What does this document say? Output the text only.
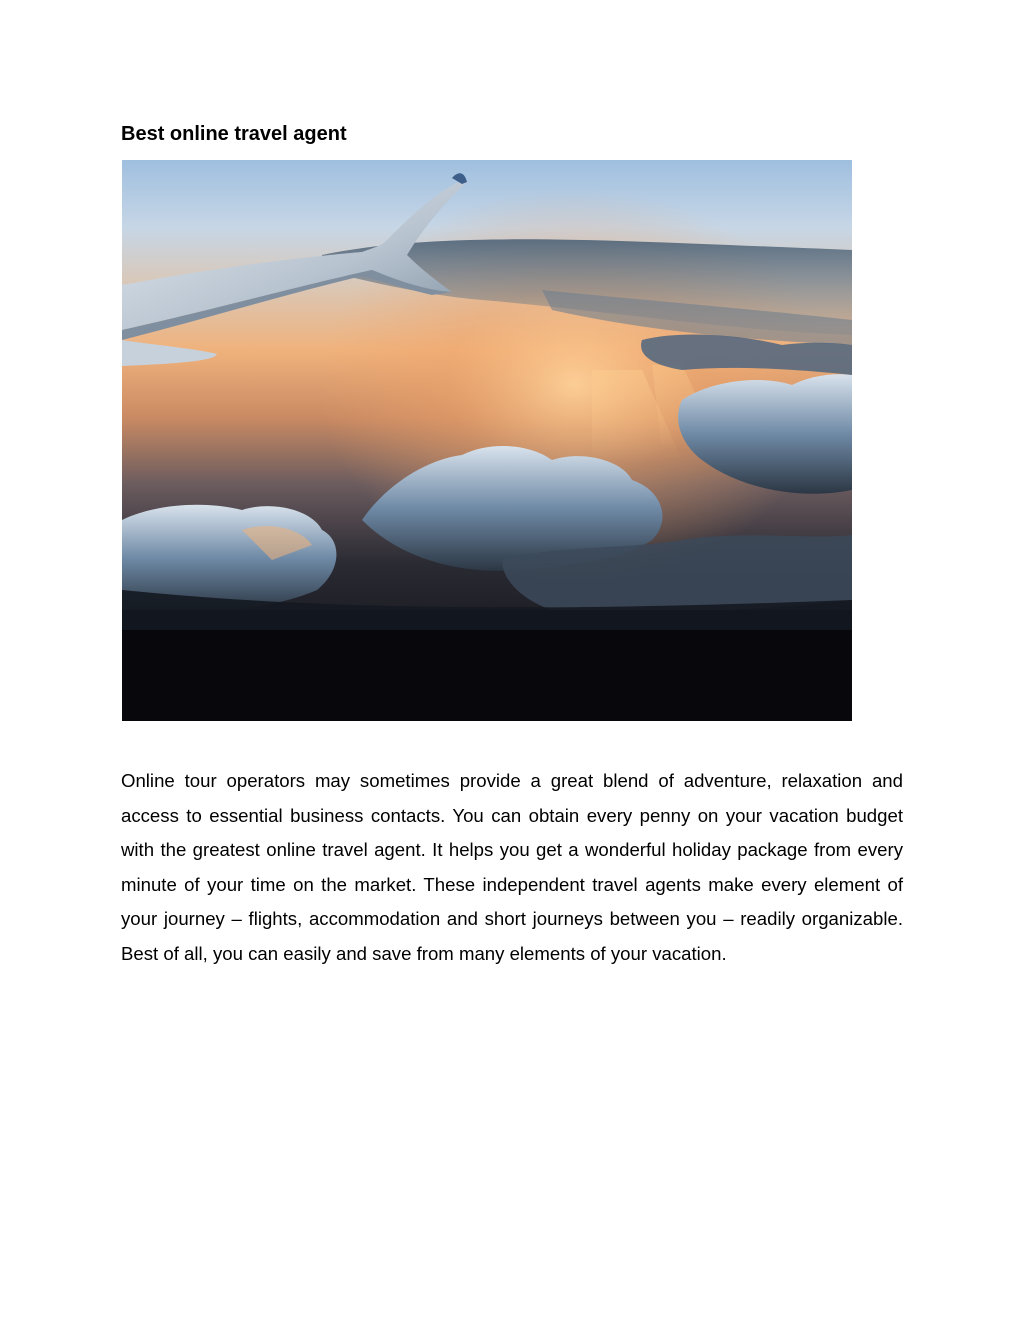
Best online travel agent

Online tour operators may sometimes provide a great blend of adventure, relaxation and access to essential business contacts. You can obtain every penny on your vacation budget with the greatest online travel agent. It helps you get a wonderful holiday package from every minute of your time on the market. These independent travel agents make every element of your journey – flights, accommodation and short journeys between you – readily organizable. Best of all, you can easily and save from many elements of your vacation.
